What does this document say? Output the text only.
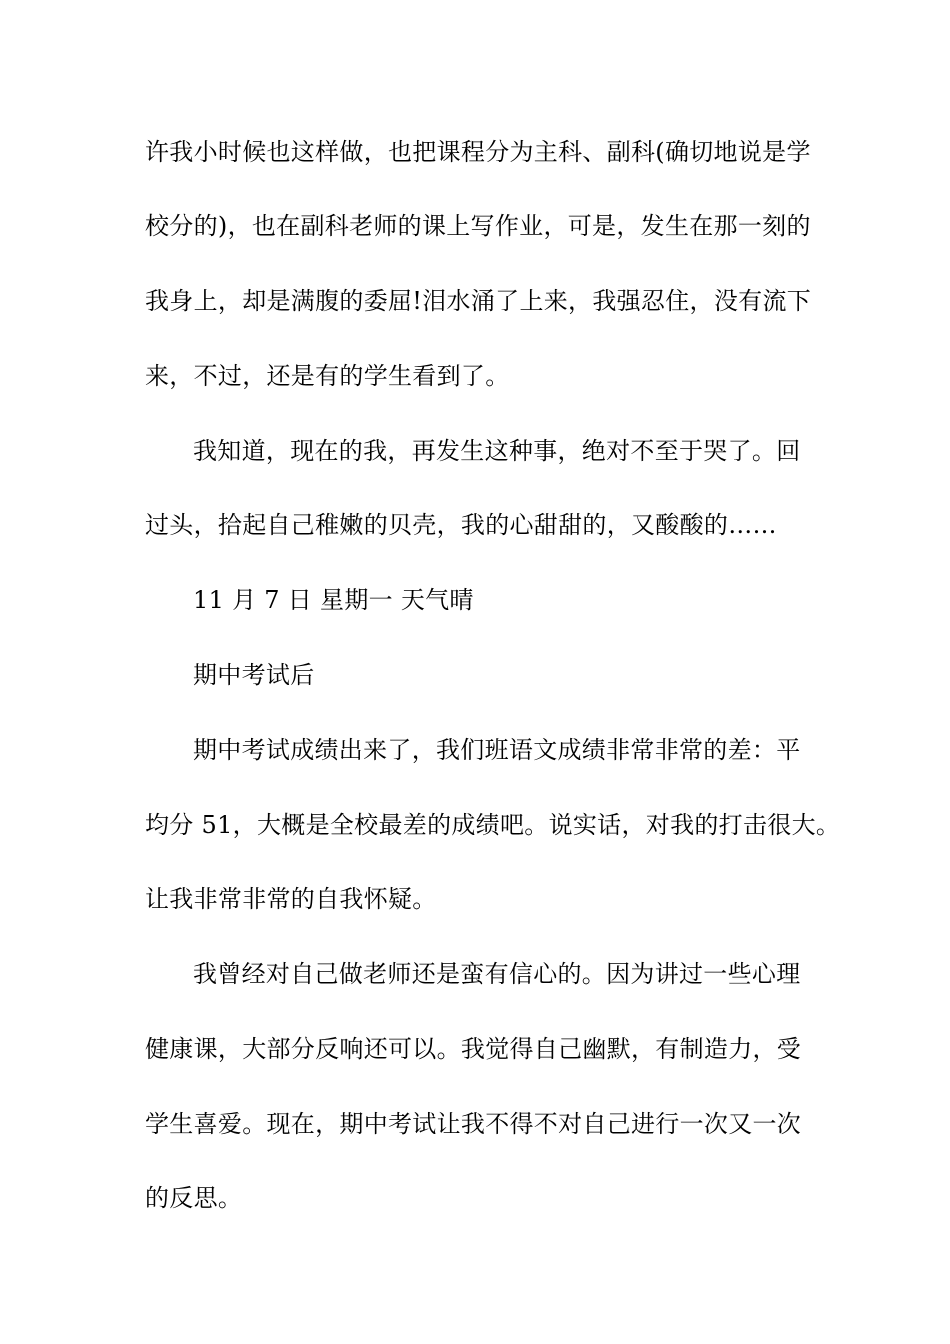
许我小时候也这样做，也把课程分为主科、副科(确切地说是学
校分的)，也在副科老师的课上写作业，可是，发生在那一刻的
我身上，却是满腹的委屈!泪水涌了上来，我强忍住，没有流下
来，不过，还是有的学生看到了。
我知道，现在的我，再发生这种事，绝对不至于哭了。回
过头，拾起自己稚嫩的贝壳，我的心甜甜的，又酸酸的……
11 月 7 日 星期一 天气晴
期中考试后
期中考试成绩出来了，我们班语文成绩非常非常的差：平
均分 51，大概是全校最差的成绩吧。说实话，对我的打击很大。
让我非常非常的自我怀疑。
我曾经对自己做老师还是蛮有信心的。因为讲过一些心理
健康课，大部分反响还可以。我觉得自己幽默，有制造力，受
学生喜爱。现在，期中考试让我不得不对自己进行一次又一次
的反思。
